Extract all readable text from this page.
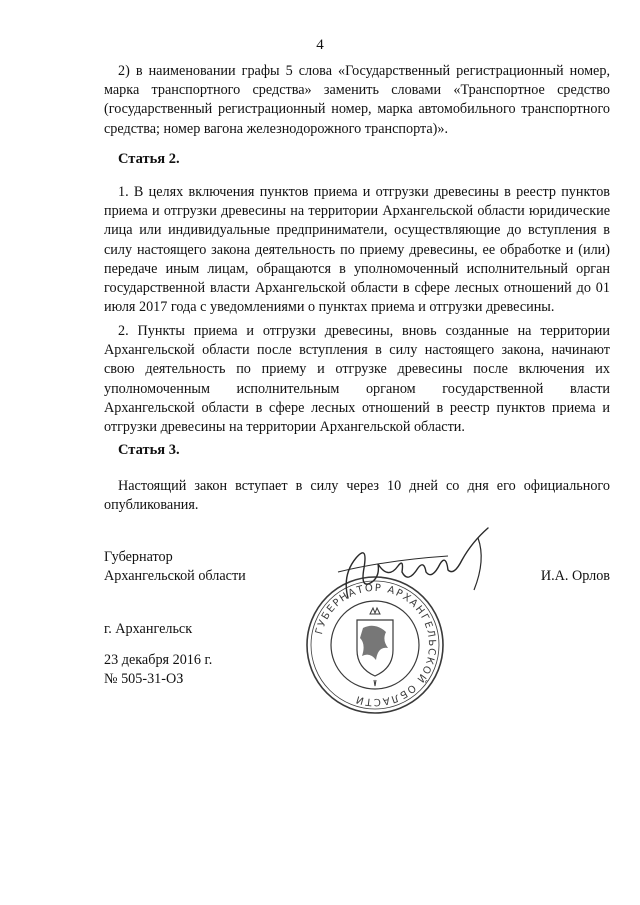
4

2) в наименовании графы 5 слова «Государственный регистрационный номер, марка транспортного средства» заменить словами «Транспортное средство (государственный регистрационный номер, марка автомобильного транспортного средства; номер вагона железнодорожного транспорта)».

Статья 2.

1. В целях включения пунктов приема и отгрузки древесины в реестр пунктов приема и отгрузки древесины на территории Архангельской области юридические лица или индивидуальные предприниматели, осуществляющие до вступления в силу настоящего закона деятельность по приему древесины, ее обработке и (или) передаче иным лицам, обращаются в уполномоченный исполнительный орган государственной власти Архангельской области в сфере лесных отношений до 01 июля 2017 года с уведомлениями о пунктах приема и отгрузки древесины.

2. Пункты приема и отгрузки древесины, вновь созданные на территории Архангельской области после вступления в силу настоящего закона, начинают свою деятельность по приему и отгрузке древесины после включения их уполномоченным исполнительным органом государственной власти Архангельской области в сфере лесных отношений в реестр пунктов приема и отгрузки древесины на территории Архангельской области.

Статья 3.

Настоящий закон вступает в силу через 10 дней со дня его официального опубликования.

Губернатор
Архангельской области	И.А. Орлов
ГУБЕРНАТОР АРХАНГЕЛЬСКОЙ ОБЛАСТИ
г. Архангельск
23 декабря 2016 г.
№ 505-31-ОЗ
